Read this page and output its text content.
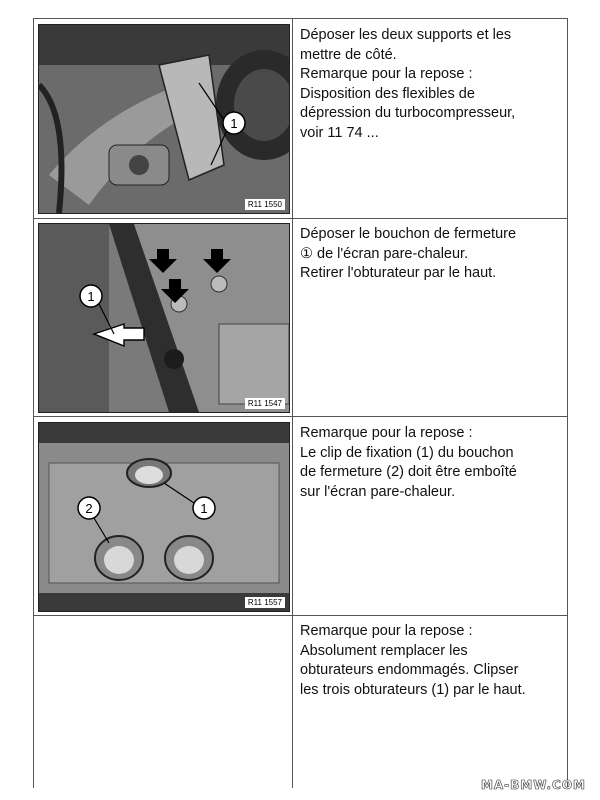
1
R11 1550
Déposer les deux supports et les
mettre de côté.
Remarque pour la repose :
Disposition des flexibles de
dépression du turbocompresseur,
voir 11 74 ...
1
R11 1547
Déposer le bouchon de fermeture
① de l'écran pare-chaleur.
Retirer l'obturateur par le haut.
2	1
R11 1557
Remarque pour la repose :
Le clip de fixation (1) du bouchon
de fermeture (2) doit être emboîté
sur l'écran pare-chaleur.
Remarque pour la repose :
Absolument remplacer les
obturateurs endommagés. Clipser
les trois obturateurs (1) par le haut.
MA-BMW.COM
